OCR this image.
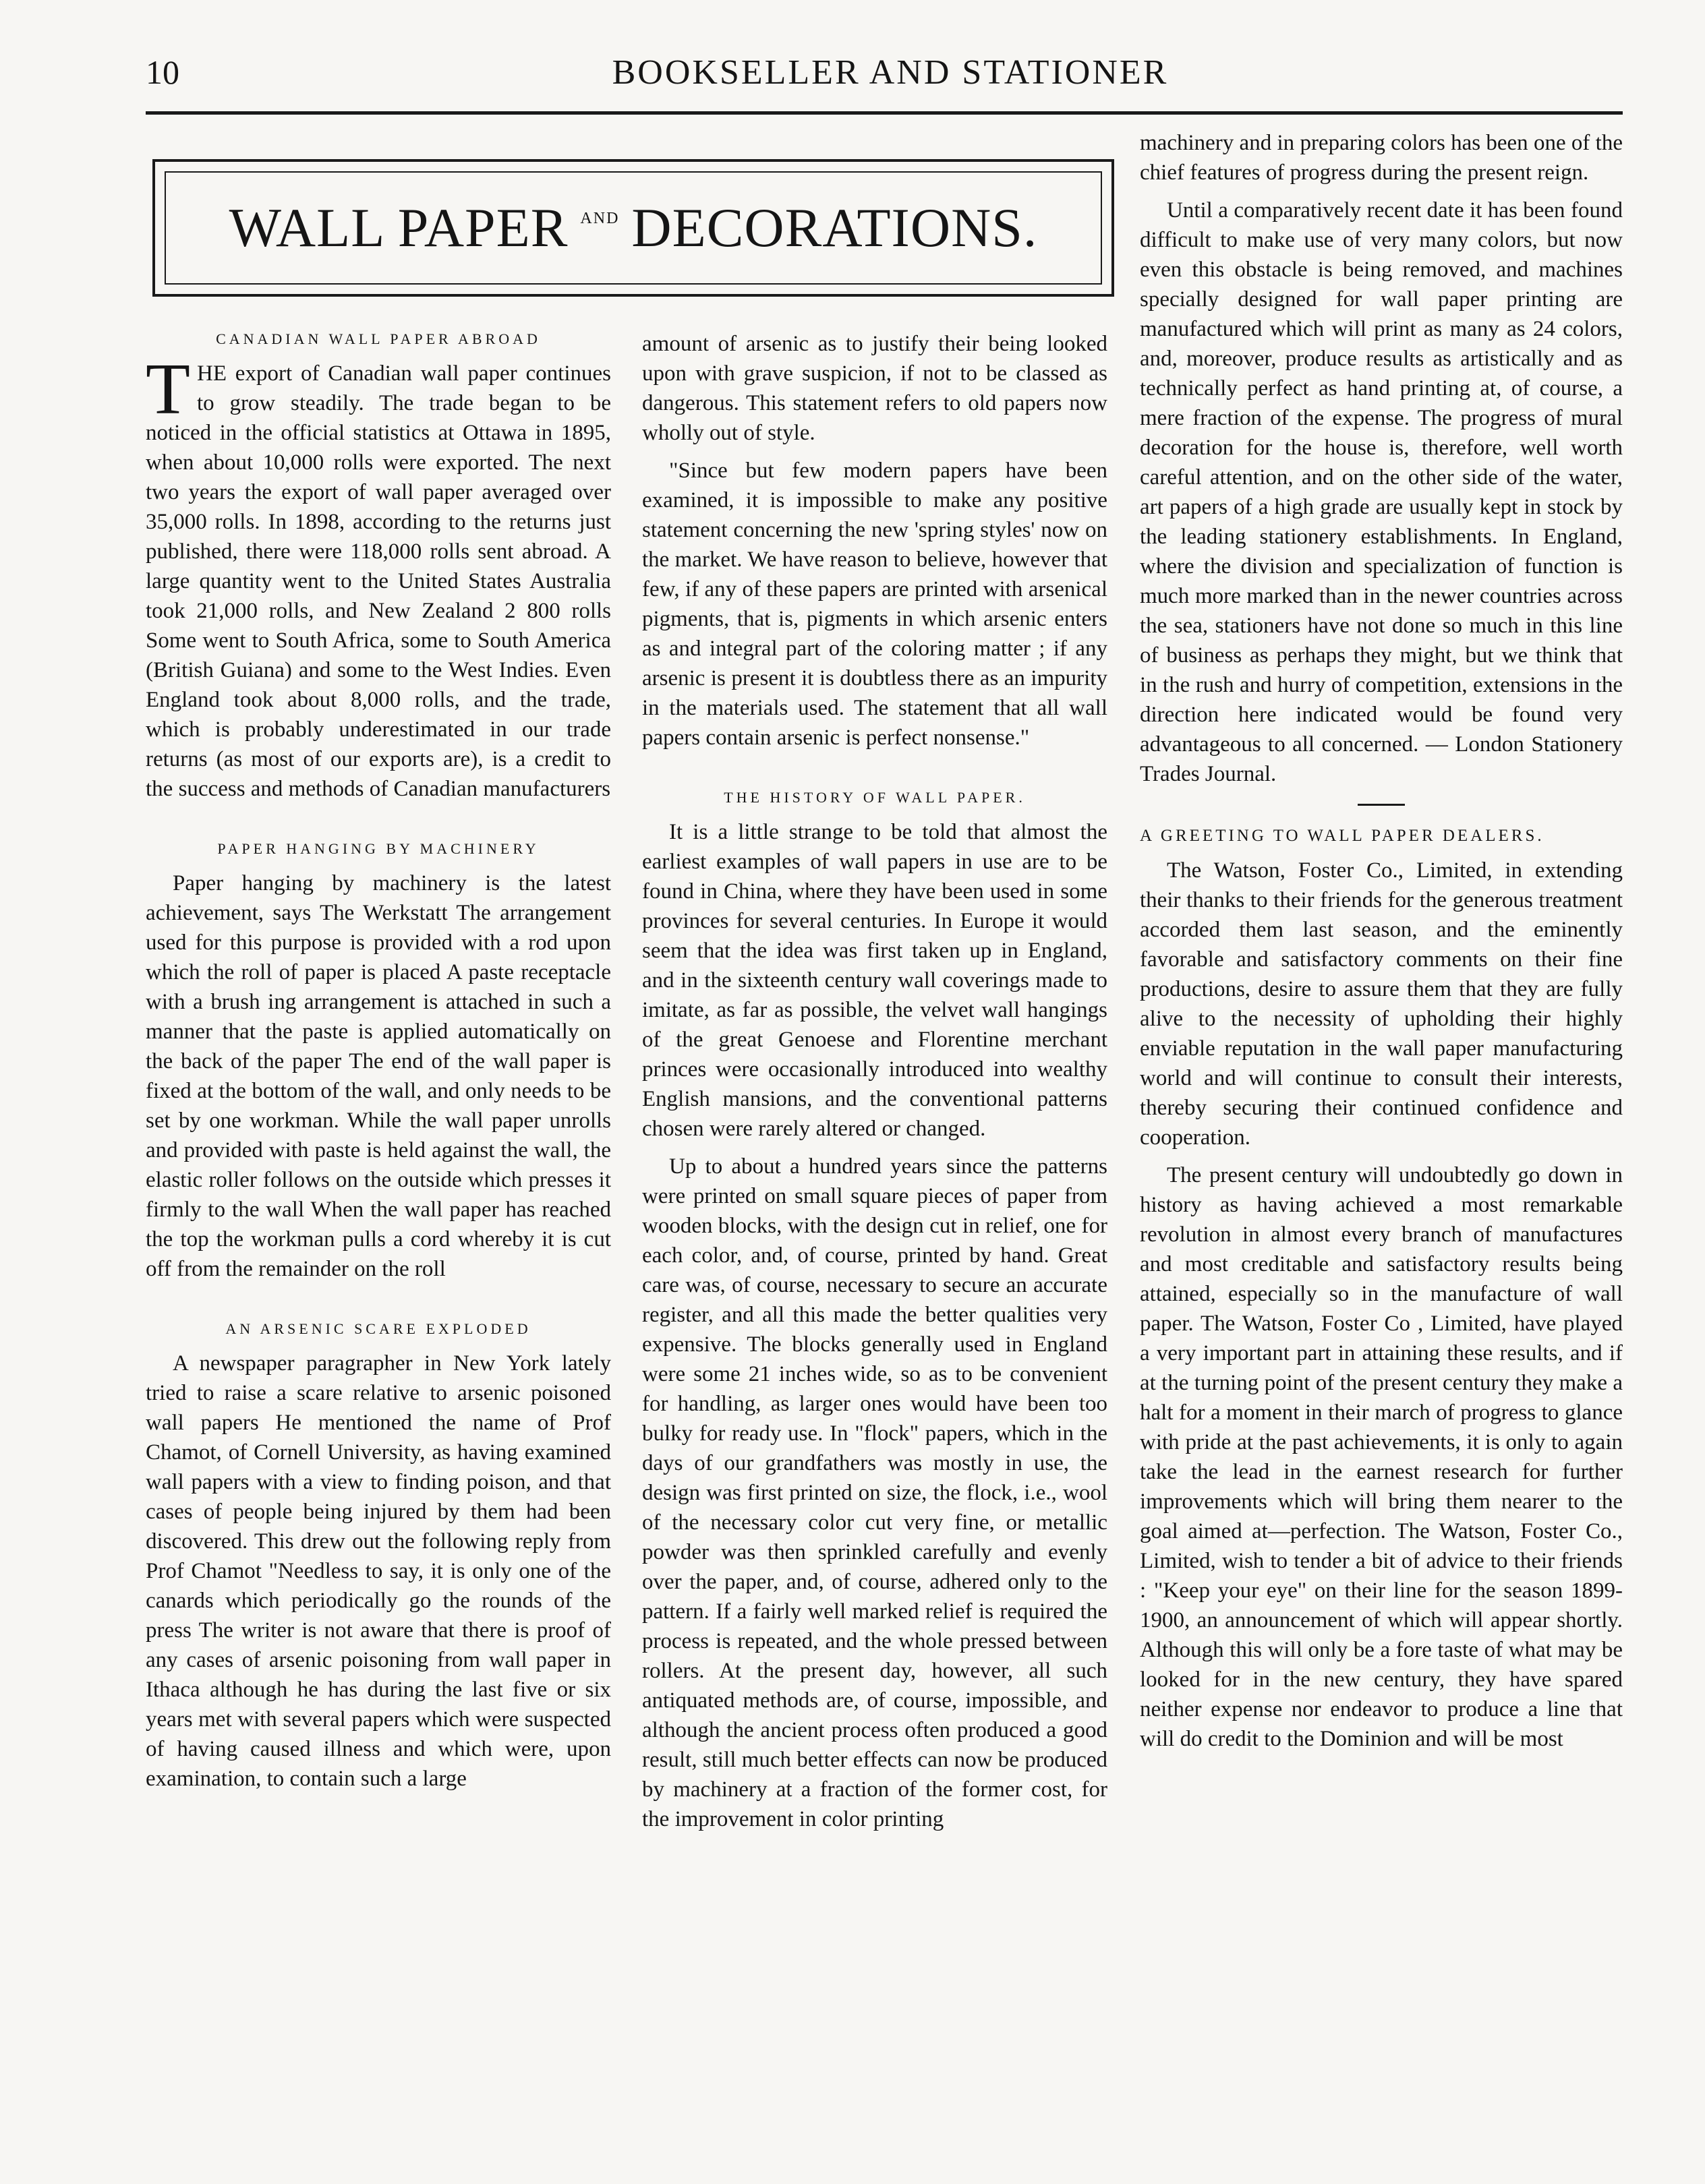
10	BOOKSELLER AND STATIONER
WALL PAPER $^{AND}$ DECORATIONS.
CANADIAN WALL PAPER ABROAD

THE export of Canadian wall paper continues to grow steadily. The trade began to be noticed in the official statistics at Ottawa in 1895, when about 10,000 rolls were exported. The next two years the export of wall paper averaged over 35,000 rolls. In 1898, according to the returns just published, there were 118,000 rolls sent abroad. A large quantity went to the United States Australia took 21,000 rolls, and New Zealand 2 800 rolls Some went to South Africa, some to South America (British Guiana) and some to the West Indies. Even England took about 8,000 rolls, and the trade, which is probably underestimated in our trade returns (as most of our exports are), is a credit to the success and methods of Canadian manufacturers

PAPER HANGING BY MACHINERY

Paper hanging by machinery is the latest achievement, says The Werkstatt The arrangement used for this purpose is provided with a rod upon which the roll of paper is placed A paste receptacle with a brush ing arrangement is attached in such a manner that the paste is applied automatically on the back of the paper The end of the wall paper is fixed at the bottom of the wall, and only needs to be set by one workman. While the wall paper unrolls and provided with paste is held against the wall, the elastic roller follows on the outside which presses it firmly to the wall When the wall paper has reached the top the workman pulls a cord whereby it is cut off from the remainder on the roll

AN ARSENIC SCARE EXPLODED

A newspaper paragrapher in New York lately tried to raise a scare relative to arsenic poisoned wall papers He mentioned the name of Prof Chamot, of Cornell University, as having examined wall papers with a view to finding poison, and that cases of people being injured by them had been discovered. This drew out the following reply from Prof Chamot "Needless to say, it is only one of the canards which periodically go the rounds of the press The writer is not aware that there is proof of any cases of arsenic poisoning from wall paper in Ithaca although he has during the last five or six years met with several papers which were suspected of having caused illness and which were, upon examination, to contain such a large

amount of arsenic as to justify their being looked upon with grave suspicion, if not to be classed as dangerous. This statement refers to old papers now wholly out of style.

"Since but few modern papers have been examined, it is impossible to make any positive statement concerning the new 'spring styles' now on the market. We have reason to believe, however that few, if any of these papers are printed with arsenical pigments, that is, pigments in which arsenic enters as and integral part of the coloring matter ; if any arsenic is present it is doubtless there as an impurity in the materials used. The statement that all wall papers contain arsenic is perfect nonsense."

THE HISTORY OF WALL PAPER.

It is a little strange to be told that almost the earliest examples of wall papers in use are to be found in China, where they have been used in some provinces for several centuries. In Europe it would seem that the idea was first taken up in England, and in the sixteenth century wall coverings made to imitate, as far as possible, the velvet wall hangings of the great Genoese and Florentine merchant princes were occasionally introduced into wealthy English mansions, and the conventional patterns chosen were rarely altered or changed.

Up to about a hundred years since the patterns were printed on small square pieces of paper from wooden blocks, with the design cut in relief, one for each color, and, of course, printed by hand. Great care was, of course, necessary to secure an accurate register, and all this made the better qualities very expensive. The blocks generally used in England were some 21 inches wide, so as to be convenient for handling, as larger ones would have been too bulky for ready use. In "flock" papers, which in the days of our grandfathers was mostly in use, the design was first printed on size, the flock, i.e., wool of the necessary color cut very fine, or metallic powder was then sprinkled carefully and evenly over the paper, and, of course, adhered only to the pattern. If a fairly well marked relief is required the process is repeated, and the whole pressed between rollers. At the present day, however, all such antiquated methods are, of course, impossible, and although the ancient process often produced a good result, still much better effects can now be produced by machinery at a fraction of the former cost, for the improvement in color printing

machinery and in preparing colors has been one of the chief features of progress during the present reign.

Until a comparatively recent date it has been found difficult to make use of very many colors, but now even this obstacle is being removed, and machines specially designed for wall paper printing are manufactured which will print as many as 24 colors, and, moreover, produce results as artistically and as technically perfect as hand printing at, of course, a mere fraction of the expense. The progress of mural decoration for the house is, therefore, well worth careful attention, and on the other side of the water, art papers of a high grade are usually kept in stock by the leading stationery establishments. In England, where the division and specialization of function is much more marked than in the newer countries across the sea, stationers have not done so much in this line of business as perhaps they might, but we think that in the rush and hurry of competition, extensions in the direction here indicated would be found very advantageous to all concerned. — London Stationery Trades Journal.

A GREETING TO WALL PAPER DEALERS.

The Watson, Foster Co., Limited, in extending their thanks to their friends for the generous treatment accorded them last season, and the eminently favorable and satisfactory comments on their fine productions, desire to assure them that they are fully alive to the necessity of upholding their highly enviable reputation in the wall paper manufacturing world and will continue to consult their interests, thereby securing their continued confidence and cooperation.

The present century will undoubtedly go down in history as having achieved a most remarkable revolution in almost every branch of manufactures and most creditable and satisfactory results being attained, especially so in the manufacture of wall paper. The Watson, Foster Co , Limited, have played a very important part in attaining these results, and if at the turning point of the present century they make a halt for a moment in their march of progress to glance with pride at the past achievements, it is only to again take the lead in the earnest research for further improvements which will bring them nearer to the goal aimed at—perfection. The Watson, Foster Co., Limited, wish to tender a bit of advice to their friends : "Keep your eye" on their line for the season 1899-1900, an announcement of which will appear shortly. Although this will only be a fore taste of what may be looked for in the new century, they have spared neither expense nor endeavor to produce a line that will do credit to the Dominion and will be most
